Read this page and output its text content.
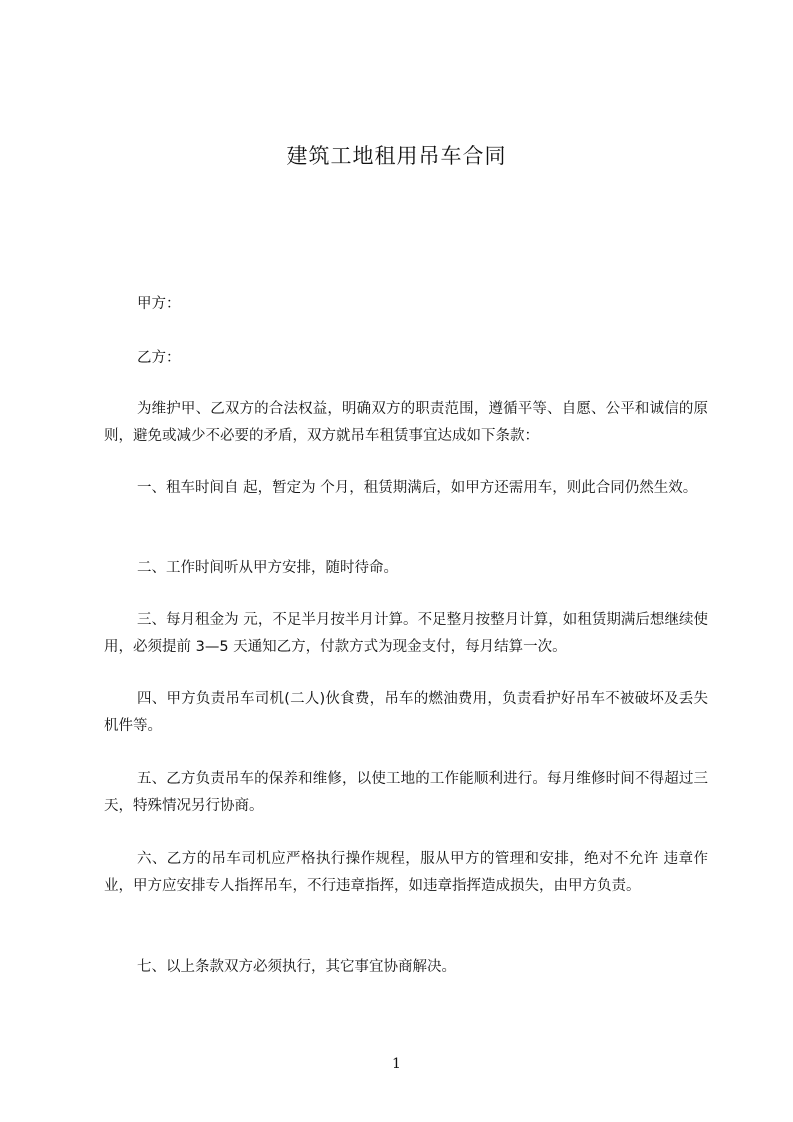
建筑工地租用吊车合同

甲方：

乙方：

为维护甲、乙双方的合法权益，明确双方的职责范围，遵循平等、自愿、公平和诚信的原则，避免或减少不必要的矛盾，双方就吊车租赁事宜达成如下条款：

一、租车时间自 起，暂定为 个月，租赁期满后，如甲方还需用车，则此合同仍然生效。

二、工作时间听从甲方安排，随时待命。

三、每月租金为 元，不足半月按半月计算。不足整月按整月计算，如租赁期满后想继续使用，必须提前 3—5 天通知乙方，付款方式为现金支付，每月结算一次。

四、甲方负责吊车司机(二人)伙食费，吊车的燃油费用，负责看护好吊车不被破坏及丢失机件等。

五、乙方负责吊车的保养和维修，以使工地的工作能顺利进行。每月维修时间不得超过三天，特殊情况另行协商。

六、乙方的吊车司机应严格执行操作规程，服从甲方的管理和安排，绝对不允许 违章作业，甲方应安排专人指挥吊车，不行违章指挥，如违章指挥造成损失，由甲方负责。

七、以上条款双方必须执行，其它事宜协商解决。

1
